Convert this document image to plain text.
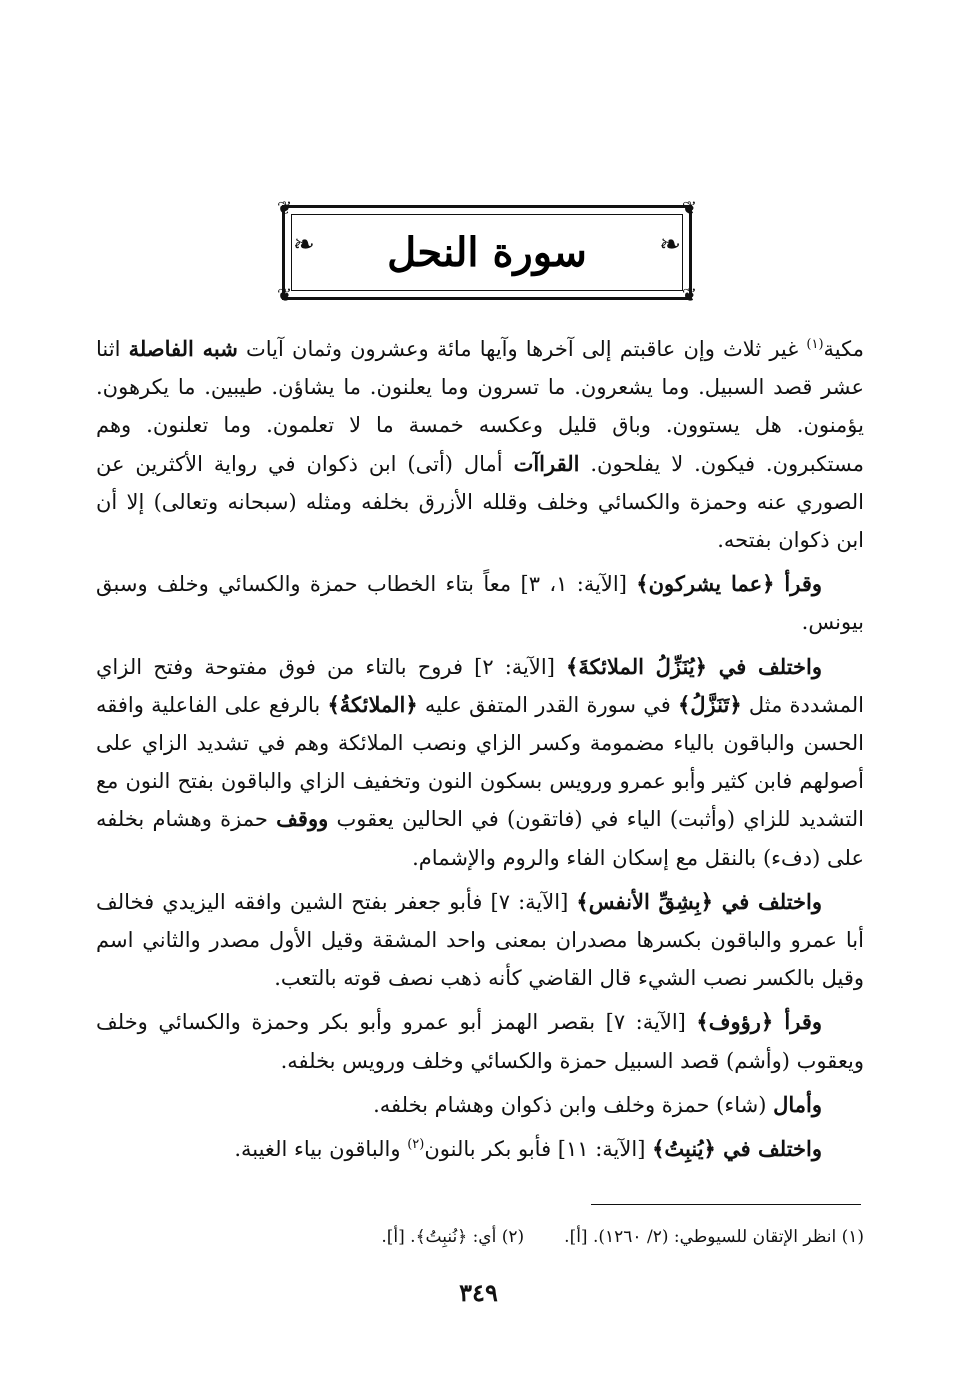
❦	❦
❦	❦
❧	❧
سورة النحل

مكية$^{(١)}$ غير ثلاث وإن عاقبتم إلى آخرها وآيها مائة وعشرون وثمان آيات شبه الفاصلة اثنا عشر قصد السبيل. وما يشعرون. ما تسرون وما يعلنون. ما يشاؤن. طيبين. ما يكرهون. يؤمنون. هل يستوون. وباق قليل وعكسه خمسة ما لا تعلمون. وما تعلنون. وهم مستكبرون. فيكون. لا يفلحون. القراآت أمال (أتى) ابن ذكوان في رواية الأكثرين عن الصوري عنه وحمزة والكسائي وخلف وقلله الأزرق بخلفه ومثله (سبحانه وتعالى) إلا أن ابن ذكوان بفتحه.

وقرأ ﴿عما يشركون﴾ [الآية: ١، ٣] معاً بتاء الخطاب حمزة والكسائي وخلف وسبق بيونس.

واختلف في ﴿يُنَزِّلُ الملائكةَ﴾ [الآية: ٢] فروح بالتاء من فوق مفتوحة وفتح الزاي المشددة مثل ﴿تَنَزَّلُ﴾ في سورة القدر المتفق عليه ﴿الملائكةُ﴾ بالرفع على الفاعلية وافقه الحسن والباقون بالياء مضمومة وكسر الزاي ونصب الملائكة وهم في تشديد الزاي على أصولهم فابن كثير وأبو عمرو ورويس بسكون النون وتخفيف الزاي والباقون بفتح النون مع التشديد للزاي (وأثبت) الياء في (فاتقون) في الحالين يعقوب ووقف حمزة وهشام بخلفه على (دفء) بالنقل مع إسكان الفاء والروم والإشمام.

واختلف في ﴿بِشِقِّ الأنفس﴾ [الآية: ٧] فأبو جعفر بفتح الشين وافقه اليزيدي فخالف أبا عمرو والباقون بكسرها مصدران بمعنى واحد المشقة وقيل الأول مصدر والثاني اسم وقيل بالكسر نصب الشيء قال القاضي كأنه ذهب نصف قوته بالتعب.

وقرأ ﴿رؤوف﴾ [الآية: ٧] بقصر الهمز أبو عمرو وأبو بكر وحمزة والكسائي وخلف ويعقوب (وأشم) قصد السبيل حمزة والكسائي وخلف ورويس بخلفه.

وأمال (شاء) حمزة وخلف وابن ذكوان وهشام بخلفه.

واختلف في ﴿يُنبِتُ﴾ [الآية: ١١] فأبو بكر بالنون$^{(٢)}$ والباقون بياء الغيبة.

(١) انظر الإتقان للسيوطي: (٢/ ١٢٦٠). [أ].
(٢) أي: ﴿نُنبِتُ﴾. [أ].
٣٤٩
